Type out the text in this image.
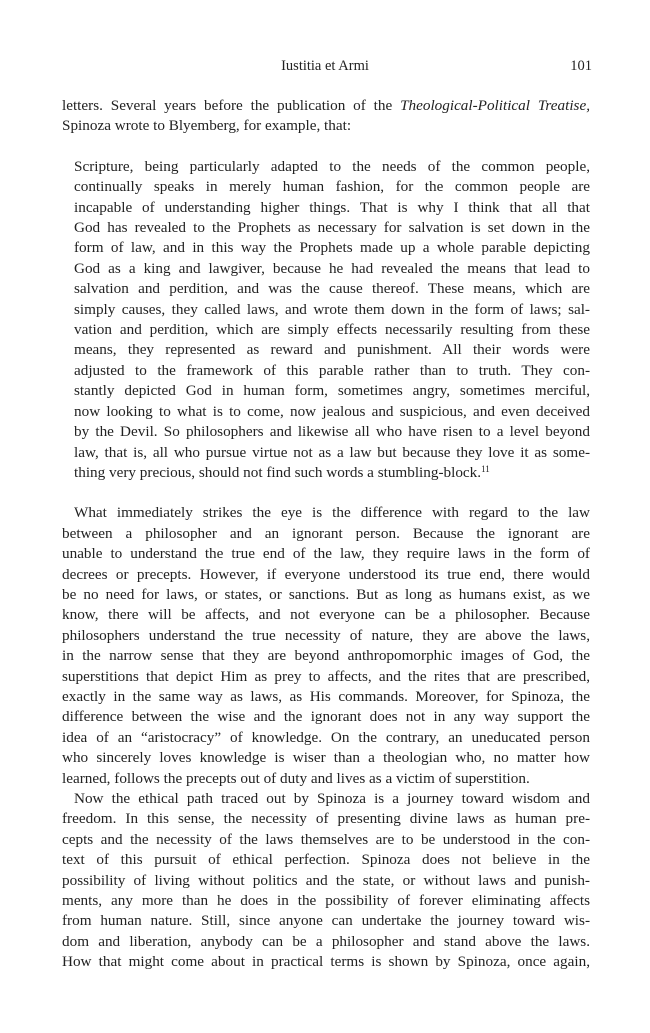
Iustitia et Armi	101
letters. Several years before the publication of the Theological-Political Treatise,
Spinoza wrote to Blyemberg, for example, that:
Scripture, being particularly adapted to the needs of the common people,
continually speaks in merely human fashion, for the common people are
incapable of understanding higher things. That is why I think that all that
God has revealed to the Prophets as necessary for salvation is set down in the
form of law, and in this way the Prophets made up a whole parable depicting
God as a king and lawgiver, because he had revealed the means that lead to
salvation and perdition, and was the cause thereof. These means, which are
simply causes, they called laws, and wrote them down in the form of laws; sal-
vation and perdition, which are simply effects necessarily resulting from these
means, they represented as reward and punishment. All their words were
adjusted to the framework of this parable rather than to truth. They con-
stantly depicted God in human form, sometimes angry, sometimes merciful,
now looking to what is to come, now jealous and suspicious, and even deceived
by the Devil. So philosophers and likewise all who have risen to a level beyond
law, that is, all who pursue virtue not as a law but because they love it as some-
thing very precious, should not find such words a stumbling-block.$^{11}$
What immediately strikes the eye is the difference with regard to the law
between a philosopher and an ignorant person. Because the ignorant are
unable to understand the true end of the law, they require laws in the form of
decrees or precepts. However, if everyone understood its true end, there would
be no need for laws, or states, or sanctions. But as long as humans exist, as we
know, there will be affects, and not everyone can be a philosopher. Because
philosophers understand the true necessity of nature, they are above the laws,
in the narrow sense that they are beyond anthropomorphic images of God, the
superstitions that depict Him as prey to affects, and the rites that are prescribed,
exactly in the same way as laws, as His commands. Moreover, for Spinoza, the
difference between the wise and the ignorant does not in any way support the
idea of an “aristocracy” of knowledge. On the contrary, an uneducated person
who sincerely loves knowledge is wiser than a theologian who, no matter how
learned, follows the precepts out of duty and lives as a victim of superstition.
Now the ethical path traced out by Spinoza is a journey toward wisdom and
freedom. In this sense, the necessity of presenting divine laws as human pre-
cepts and the necessity of the laws themselves are to be understood in the con-
text of this pursuit of ethical perfection. Spinoza does not believe in the
possibility of living without politics and the state, or without laws and punish-
ments, any more than he does in the possibility of forever eliminating affects
from human nature. Still, since anyone can undertake the journey toward wis-
dom and liberation, anybody can be a philosopher and stand above the laws.
How that might come about in practical terms is shown by Spinoza, once again,
